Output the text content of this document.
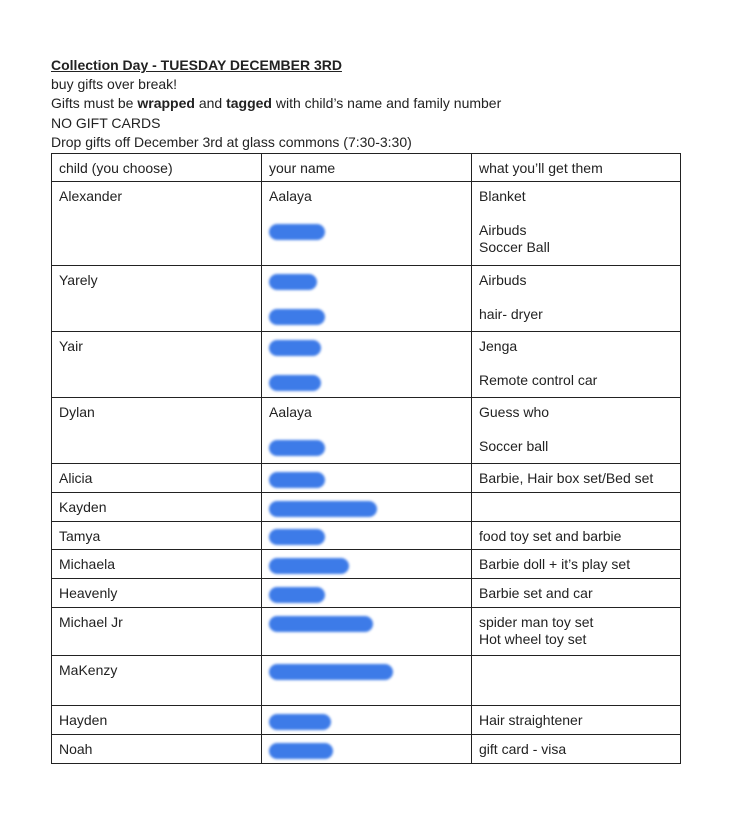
Collection Day - TUESDAY DECEMBER 3RD
buy gifts over break!
Gifts must be wrapped and tagged with child’s name and family number
NO GIFT CARDS
Drop gifts off December 3rd at glass commons (7:30-3:30)
child (you choose)	your name	what you’ll get them
Alexander	Aalaya	Blanket
Airbuds
Soccer Ball

Yarely		Airbuds
hair- dryer

Yair		Jenga
Remote control car

Dylan	Aalaya	Guess who
Soccer ball

Alicia		Barbie, Hair box set/Bed set

Kayden	

Tamya		food toy set and barbie

Michaela		Barbie doll + it’s play set

Heavenly		Barbie set and car

Michael Jr		spider man toy set
Hot wheel toy set

MaKenzy	

Hayden		Hair straightener

Noah		gift card - visa
